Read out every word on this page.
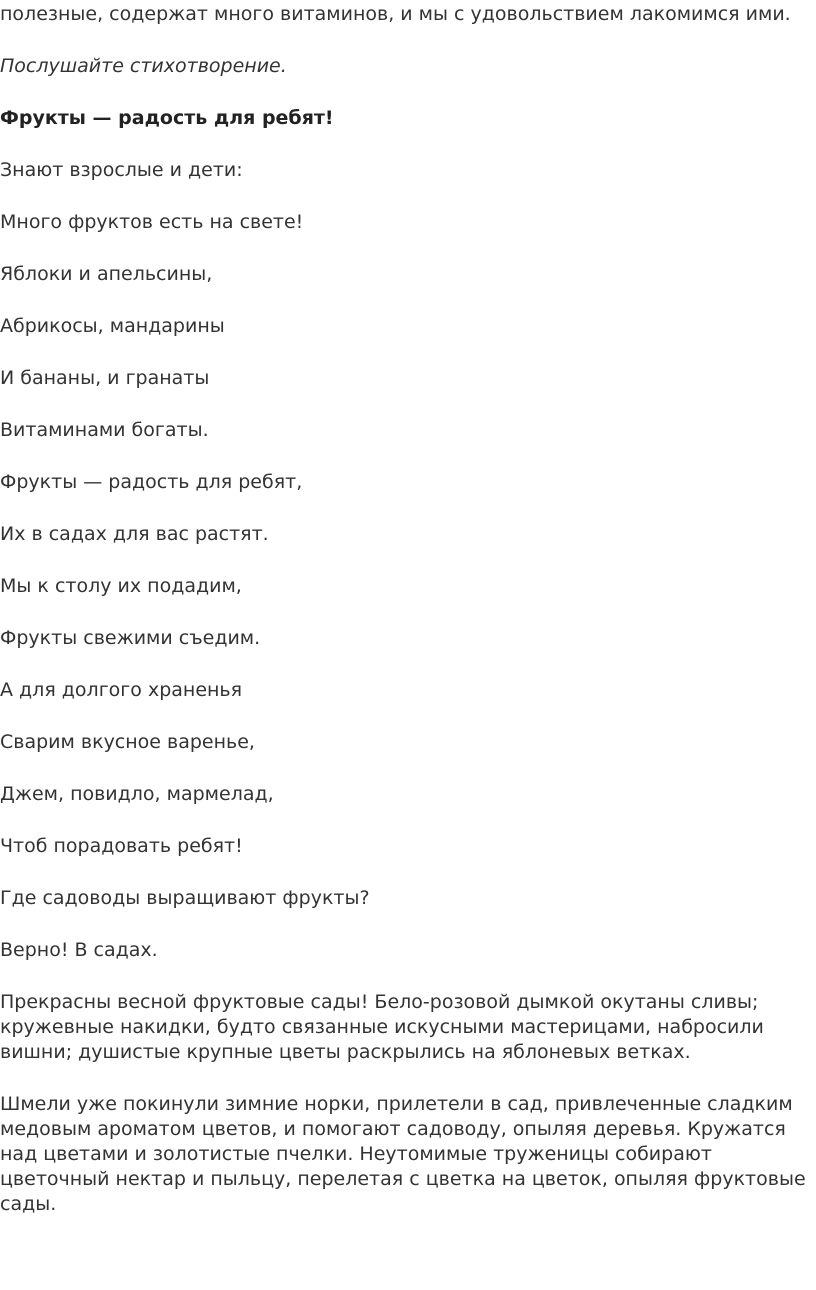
полезные, содержат много витаминов, и мы с удовольствием лакомимся ими.

Послушайте стихотворение.

Фрукты — радость для ребят!

Знают взрослые и дети:

Много фруктов есть на свете!

Яблоки и апельсины,

Абрикосы, мандарины

И бананы, и гранаты

Витаминами богаты.

Фрукты — радость для ребят,

Их в садах для вас растят.

Мы к столу их подадим,

Фрукты свежими съедим.

А для долгого храненья

Сварим вкусное варенье,

Джем, повидло, мармелад,

Чтоб порадовать ребят!

Где садоводы выращивают фрукты?

Верно! В садах.

Прекрасны весной фруктовые сады! Бело-розовой дымкой окутаны сливы; кружевные накидки, будто связанные искусными мастерицами, набросили вишни; душистые крупные цветы раскрылись на яблоневых ветках.

Шмели уже покинули зимние норки, прилетели в сад, привлеченные сладким медовым ароматом цветов, и помогают садоводу, опыляя деревья. Кружатся над цветами и золотистые пчелки. Неутомимые труженицы собирают цветочный нектар и пыльцу, перелетая с цветка на цветок, опыляя фруктовые сады.
